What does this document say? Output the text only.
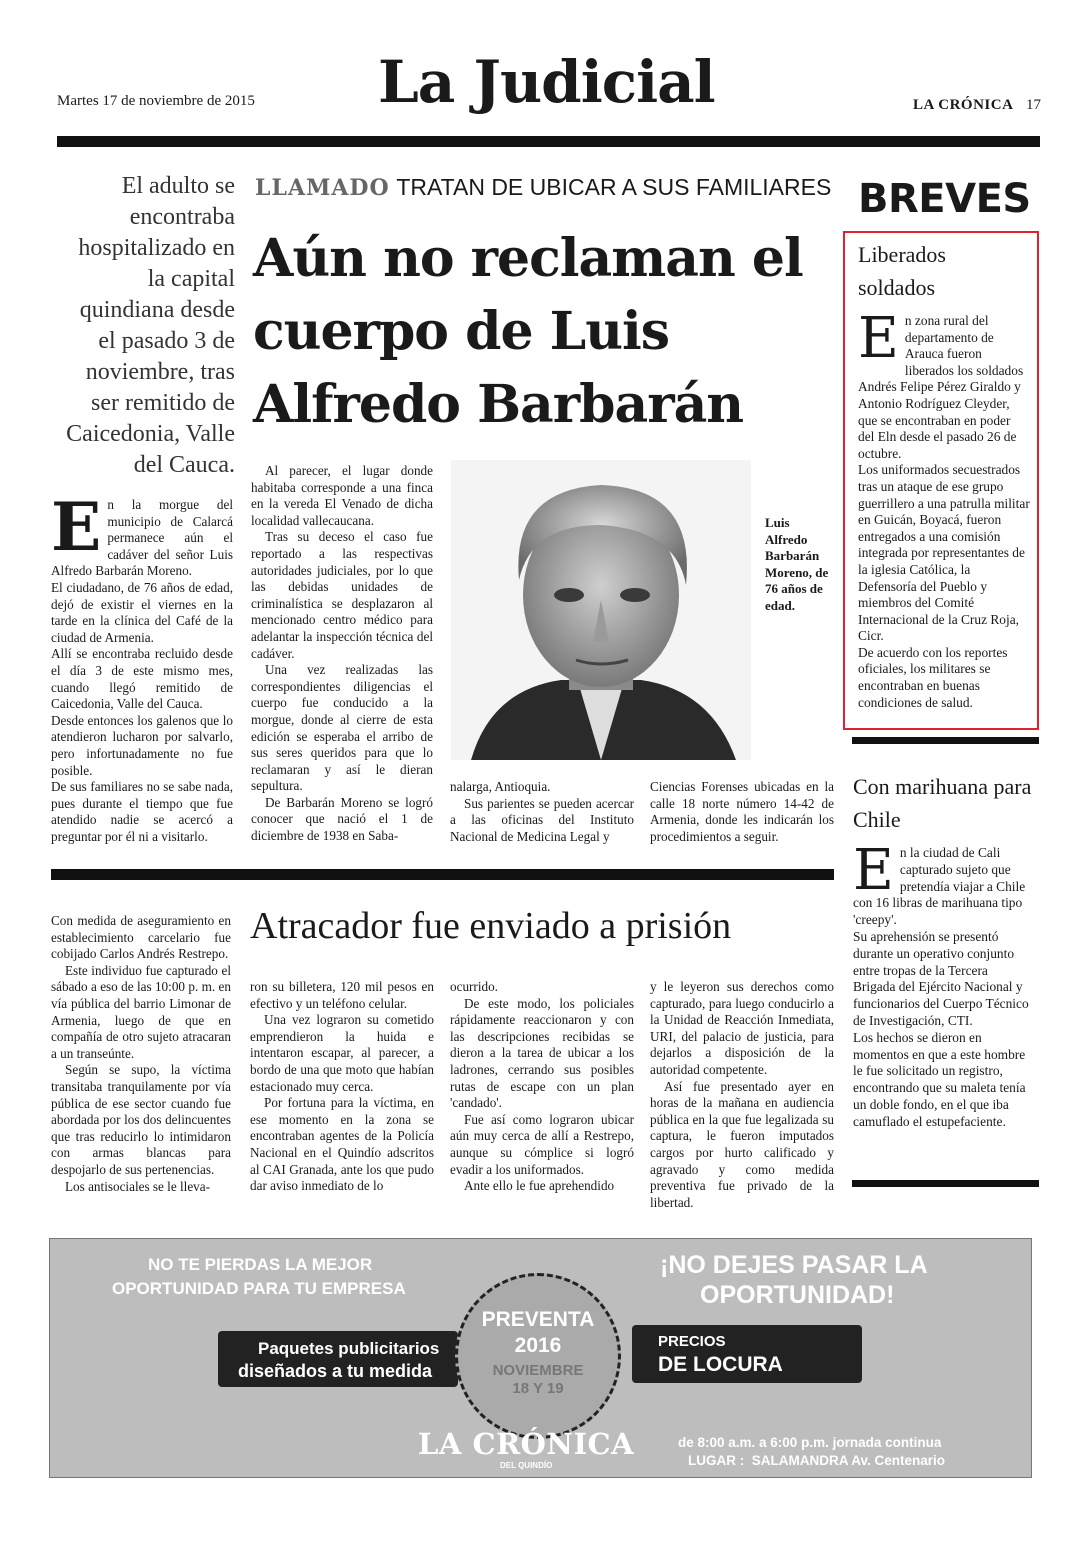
Martes 17 de noviembre de 2015 La Judicial	LA CRÓNICA 17
LLAMADO TRATAN DE UBICAR A SUS FAMILIARES
Aún no reclaman el cuerpo de Luis Alfredo Barbarán
El adulto se encontraba hospitalizado en la capital quindiana desde el pasado 3 de noviembre, tras ser remitido de Caicedonia, Valle del Cauca.
E n la morgue del municipio de Calarcá permanece aún el cadáver del señor Luis Alfredo Barbarán Moreno.

El ciudadano, de 76 años de edad, dejó de existir el viernes en la tarde en la clínica del Café de la ciudad de Armenia.

Allí se encontraba recluido desde el día 3 de este mismo mes, cuando llegó remitido de Caicedonia, Valle del Cauca.

Desde entonces los galenos que lo atendieron lucharon por salvarlo, pero infortunadamente no fue posible.

De sus familiares no se sabe nada, pues durante el tiempo que fue atendido nadie se acercó a preguntar por él ni a visitarlo.

Al parecer, el lugar donde habitaba corresponde a una finca en la vereda El Venado de dicha localidad vallecaucana.

Tras su deceso el caso fue reportado a las respectivas autoridades judiciales, por lo que las debidas unidades de criminalística se desplazaron al mencionado centro médico para adelantar la inspección técnica del cadáver.

Una vez realizadas las correspondientes diligencias el cuerpo fue conducido a la morgue, donde al cierre de esta edición se esperaba el arribo de sus seres queridos para que lo reclamaran y así le dieran sepultura.

De Barbarán Moreno se logró conocer que nació el 1 de diciembre de 1938 en Saba-

Luis Alfredo Barbarán Moreno, de 76 años de edad.

nalarga, Antioquia.

Sus parientes se pueden acercar a las oficinas del Instituto Nacional de Medicina Legal y

Ciencias Forenses ubicadas en la calle 18 norte número 14-42 de Armenia, donde les indicarán los procedimientos a seguir.

BREVES
Liberados soldados
E n zona rural del departamento de Arauca fueron liberados los soldados Andrés Felipe Pérez Giraldo y Antonio Rodríguez Cleyder, que se encontraban en poder del Eln desde el pasado 26 de octubre.

Los uniformados secuestrados tras un ataque de ese grupo guerrillero a una patrulla militar en Guicán, Boyacá, fueron entregados a una comisión integrada por representantes de la iglesia Católica, la Defensoría del Pueblo y miembros del Comité Internacional de la Cruz Roja, Cicr.

De acuerdo con los reportes oficiales, los militares se encontraban en buenas condiciones de salud.

Con marihuana para Chile
E n la ciudad de Cali capturado sujeto que pretendía viajar a Chile con 16 libras de marihuana tipo 'creepy'.

Su aprehensión se presentó durante un operativo conjunto entre tropas de la Tercera Brigada del Ejército Nacional y funcionarios del Cuerpo Técnico de Investigación, CTI.

Los hechos se dieron en momentos en que a este hombre le fue solicitado un registro, encontrando que su maleta tenía un doble fondo, en el que iba camuflado el estupefaciente.

Atracador fue enviado a prisión

Con medida de aseguramiento en establecimiento carcelario fue cobijado Carlos Andrés Restrepo.

Este individuo fue capturado el sábado a eso de las 10:00 p. m. en vía pública del barrio Limonar de Armenia, luego de que en compañía de otro sujeto atracaran a un transeúnte.

Según se supo, la víctima transitaba tranquilamente por vía pública de ese sector cuando fue abordada por los dos delincuentes que tras reducirlo lo intimidaron con armas blancas para despojarlo de sus pertenencias.

Los antisociales se le lleva-

ron su billetera, 120 mil pesos en efectivo y un teléfono celular.

Una vez lograron su cometido emprendieron la huida e intentaron escapar, al parecer, a bordo de una que moto que habían estacionado muy cerca.

Por fortuna para la víctima, en ese momento en la zona se encontraban agentes de la Policía Nacional en el Quindío adscritos al CAI Granada, ante los que pudo dar aviso inmediato de lo

ocurrido.

De este modo, los policiales rápidamente reaccionaron y con las descripciones recibidas se dieron a la tarea de ubicar a los ladrones, cerrando sus posibles rutas de escape con un plan 'candado'.

Fue así como lograron ubicar aún muy cerca de allí a Restrepo, aunque su cómplice si logró evadir a los uniformados.

Ante ello le fue aprehendido

y le leyeron sus derechos como capturado, para luego conducirlo a la Unidad de Reacción Inmediata, URI, del palacio de justicia, para dejarlos a disposición de la autoridad competente.

Así fue presentado ayer en horas de la mañana en audiencia pública en la que fue legalizada su captura, le fueron imputados cargos por hurto calificado y agravado y como medida preventiva fue privado de la libertad.

NO TE PIERDAS LA MEJOR
OPORTUNIDAD PARA TU EMPRESA
Paquetes publicitarios
diseñados a tu medida
PREVENTA
2016
NOVIEMBRE
18 Y 19
¡NO DEJES PASAR LA
OPORTUNIDAD!
PRECIOS
DE LOCURA
LA CRÓNICA
DEL QUINDÍO
de 8:00 a.m. a 6:00 p.m. jornada continua
LUGAR :  SALAMANDRA Av. Centenario
